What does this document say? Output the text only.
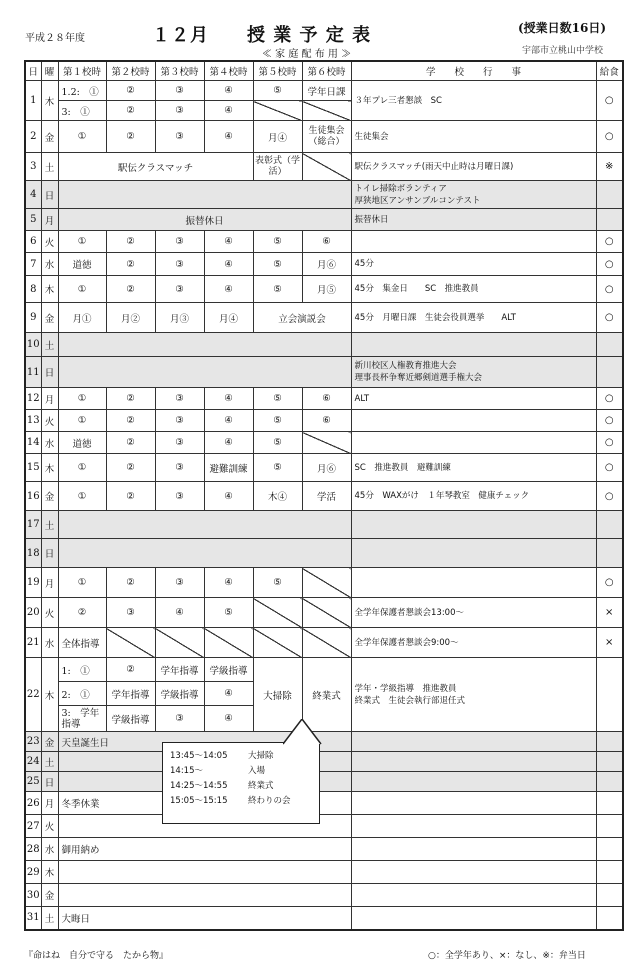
平成２８年度	１２月　　授 業 予 定 表	(授業日数16日)
≪ 家 庭 配 布 用 ≫	宇部市立桃山中学校
日	曜	第１校時	第２校時	第３校時	第４校時	第５校時	第６校時	学　　校　　行　　事	給食
1	木	1.2:　①	②	③	④	⑤	学年日課	３年プレ三者懇談　SC	○
		3:　①	②	③	④				
2	金	①	②	③	④	月④	生徒集会（総合）	生徒集会	○
3	土	駅伝クラスマッチ				表彰式（学活）		駅伝クラスマッチ(雨天中止時は月曜日課)	※
4	日							トイレ掃除ボランティア
厚狭地区アンサンブルコンテスト	

5	月	振替休日						振替休日	
6	火	①	②	③	④	⑤	⑥		○
7	水	道徳	②	③	④	⑤	月⑥	45分	○
8	木	①	②	③	④	⑤	月⑤	45分　集金日　　SC　推進教員	○
9	金	月①	月②	月③	月④	立会演説会		45分　月曜日課　生徒会役員選挙　　ALT	○
10	土								
11	日							新川校区人権教育推進大会
理事長杯争奪近郷剣道選手権大会	

12	月	①	②	③	④	⑤	⑥	ALT	○
13	火	①	②	③	④	⑤	⑥		○
14	水	道徳	②	③	④	⑤			○
15	木	①	②	③	避難訓練	⑤	月⑥	SC　推進教員　避難訓練	○
16	金	①	②	③	④	木④	学活	45分　WAXがけ　１年琴教室　健康チェック	○
17	土								
18	日								
19	月	①	②	③	④	⑤			○
20	火	②	③	④	⑤			全学年保護者懇談会13:00～	×
21	水	全体指導						全学年保護者懇談会9:00～	×
22	木	1:　①	②	学年指導	学級指導	大掃除	終業式	学年・学級指導　推進教員
終業式　生徒会執行部退任式	

		2:　①	学年指導	学級指導	④				
		3:　学年指導	学級指導	③	④				
23	金	天皇誕生日							
24	土								
25	日								
26	月	冬季休業							
27	火								
28	水	御用納め							
29	木								
30	金								
31	土	大晦日							
13:45～14:05 大掃除
14:15～	入場
14:25～14:55 終業式
15:05～15:15 終わりの会
『命はね　自分で守る　たから物』	○：全学年あり、×：なし、※：弁当日
